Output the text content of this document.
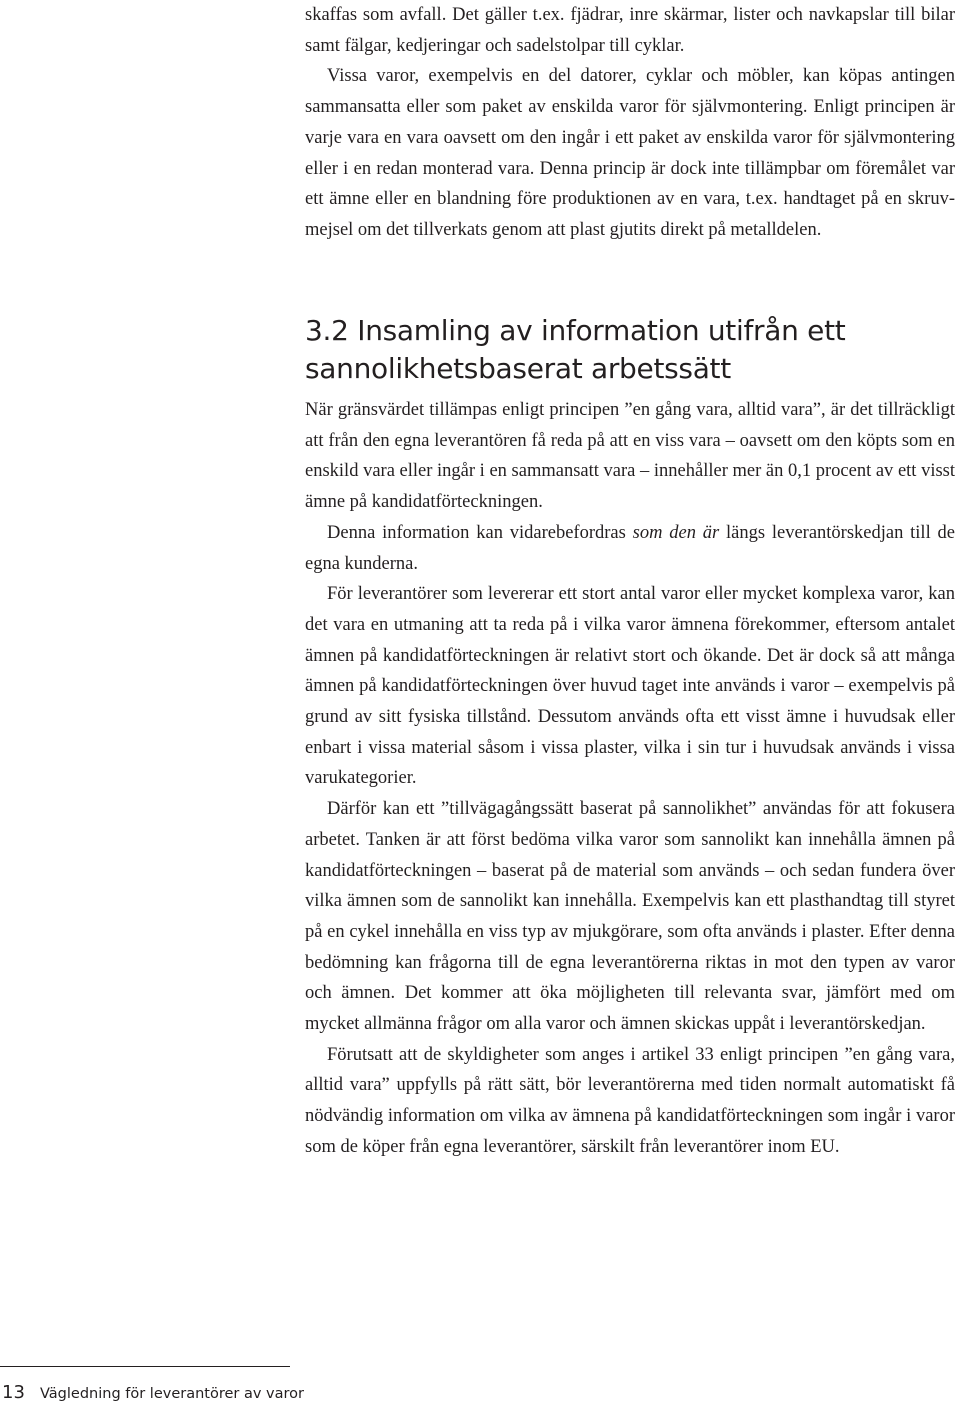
skaffas som avfall. Det gäller t.ex. fjädrar, inre skärmar, lister och navkapslar till bilar samt fälgar, kedjeringar och sadelstolpar till cyklar.

Vissa varor, exempelvis en del datorer, cyklar och möbler, kan köpas antingen sammansatta eller som paket av enskilda varor för självmontering. Enligt principen är varje vara en vara oavsett om den ingår i ett paket av enskilda varor för självmontering eller i en redan monterad vara. Denna princip är dock inte tillämpbar om föremålet var ett ämne eller en blandning före produktionen av en vara, t.ex. handtaget på en skruvmejsel om det tillverkats genom att plast gjutits direkt på metalldelen.

3.2 Insamling av information utifrån ett sannolikhetsbaserat arbetssätt

När gränsvärdet tillämpas enligt principen ”en gång vara, alltid vara”, är det tillräckligt att från den egna leverantören få reda på att en viss vara – oavsett om den köpts som en enskild vara eller ingår i en sammansatt vara – innehåller mer än 0,1 procent av ett visst ämne på kandidatförteckningen.

Denna information kan vidarebefordras som den är längs leverantörskedjan till de egna kunderna.

För leverantörer som levererar ett stort antal varor eller mycket komplexa varor, kan det vara en utmaning att ta reda på i vilka varor ämnena förekommer, eftersom antalet ämnen på kandidatförteckningen är relativt stort och ökande. Det är dock så att många ämnen på kandidatförteckningen över huvud taget inte används i varor – exempelvis på grund av sitt fysiska tillstånd. Dessutom används ofta ett visst ämne i huvudsak eller enbart i vissa material såsom i vissa plaster, vilka i sin tur i huvudsak används i vissa varukategorier.

Därför kan ett ”tillvägagångssätt baserat på sannolikhet” användas för att fokusera arbetet. Tanken är att först bedöma vilka varor som sannolikt kan innehålla ämnen på kandidatförteckningen – baserat på de material som används – och sedan fundera över vilka ämnen som de sannolikt kan innehålla. Exempelvis kan ett plasthandtag till styret på en cykel innehålla en viss typ av mjukgörare, som ofta används i plaster. Efter denna bedömning kan frågorna till de egna leverantörerna riktas in mot den typen av varor och ämnen. Det kommer att öka möjligheten till relevanta svar, jämfört med om mycket allmänna frågor om alla varor och ämnen skickas uppåt i leverantörskedjan.

Förutsatt att de skyldigheter som anges i artikel 33 enligt principen ”en gång vara, alltid vara” uppfylls på rätt sätt, bör leverantörerna med tiden normalt automatiskt få nödvändig information om vilka av ämnena på kandidatförteckningen som ingår i varor som de köper från egna leverantörer, särskilt från leverantörer inom EU.

13 Vägledning för leverantörer av varor
